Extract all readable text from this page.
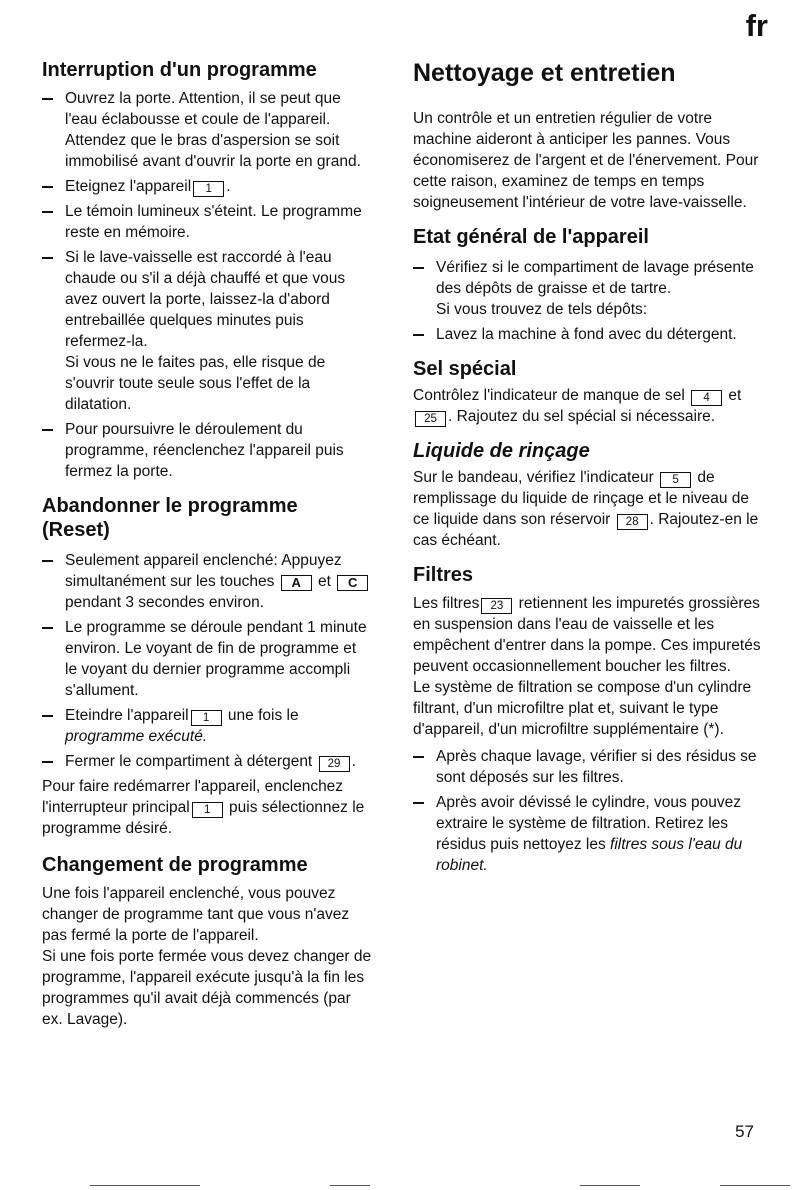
fr
Interruption d'un programme
Ouvrez la porte. Attention, il se peut que l'eau éclabousse et coule de l'appareil. Attendez que le bras d'aspersion se soit immobilisé avant d'ouvrir la porte en grand.
Eteignez l'appareil 1 .
Le témoin lumineux s'éteint. Le programme reste en mémoire.
Si le lave-vaisselle est raccordé à l'eau chaude ou s'il a déjà chauffé et que vous avez ouvert la porte, laissez-la d'abord entrebaillée quelques minutes puis refermez-la.
Si vous ne le faites pas, elle risque de s'ouvrir toute seule sous l'effet de la dilatation.
Pour poursuivre le déroulement du programme, réenclenchez l'appareil puis fermez la porte.
Abandonner le programme
(Reset)
Seulement appareil enclenché: Appuyez simultanément sur les touches A et C pendant 3 secondes environ.
Le programme se déroule pendant 1 minute environ. Le voyant de fin de programme et le voyant du dernier programme accompli s'allument.
Eteindre l'appareil 1 une fois le programme exécuté.
Fermer le compartiment à détergent 29 .

Pour faire redémarrer l'appareil, enclenchez l'interrupteur principal 1 puis sélectionnez le programme désiré.

Changement de programme

Une fois l'appareil enclenché, vous pouvez changer de programme tant que vous n'avez pas fermé la porte de l'appareil.

Si une fois porte fermée vous devez changer de programme, l'appareil exécute jusqu'à la fin les programmes qu'il avait déjà commencés (par ex. Lavage).

Nettoyage et entretien

Un contrôle et un entretien régulier de votre machine aideront à anticiper les pannes. Vous économiserez de l'argent et de l'énervement. Pour cette raison, examinez de temps en temps soigneusement l'intérieur de votre lave-vaisselle.

Etat général de l'appareil
Vérifiez si le compartiment de lavage présente des dépôts de graisse et de tartre.
Si vous trouvez de tels dépôts:
Lavez la machine à fond avec du détergent.
Sel spécial

Contrôlez l'indicateur de manque de sel 4 et25 . Rajoutez du sel spécial si nécessaire.

Liquide de rinçage

Sur le bandeau, vérifiez l'indicateur 5 de remplissage du liquide de rinçage et le niveau de ce liquide dans son réservoir 28 . Rajoutez-en le cas échéant.

Filtres

Les filtres 23 retiennent les impuretés grossières en suspension dans l'eau de vaisselle et les empêchent d'entrer dans la pompe. Ces impuretés peuvent occasionnellement boucher les filtres.

Le système de filtration se compose d'un cylindre filtrant, d'un microfiltre plat et, suivant le type d'appareil, d'un microfiltre supplémentaire (*).

Après chaque lavage, vérifier si des résidus se sont déposés sur les filtres.
Après avoir dévissé le cylindre, vous pouvez extraire le système de filtration. Retirez les résidus puis nettoyez les filtres sous l'eau du robinet.
57
